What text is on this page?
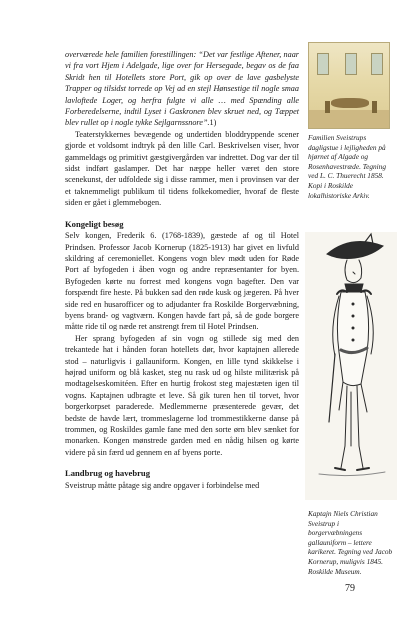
overværede hele familien forestillingen: “Det var festlige Aftener, naar vi fra vort Hjem i Adelgade, lige over for Hersegade, begav os de faa Skridt hen til Hotellets store Port, gik op over de lave gasbelyste Trapper og tilsidst torrede op Vej ad en stejl Hønsestige til nogle smaa lavloftede Loger, og herfra fulgte vi alle … med Spænding alle Forberedelserne, indtil Lyset i Gaskronen blev skruet ned, og Tæppet blev rullet op i nogle tykke Sejlgarnssnore”.1)

Teaterstykkernes bevægende og undertiden bloddryppende scener gjorde et voldsomt indtryk på den lille Carl. Beskrivelsen viser, hvor gammeldags og primitivt gæstgivergården var indrettet. Dog var der til sidst indført gaslamper. Det har næppe heller været den store scenekunst, der udfoldede sig i disse rammer, men i provinsen var der et taknemmeligt publikum til tidens folkekomedier, hvoraf de fleste siden er gået i glemmebogen.

Kongeligt besøg

Selv kongen, Frederik 6. (1768-1839), gæstede af og til Hotel Prindsen. Professor Jacob Kornerup (1825-1913) har givet en livfuld skildring af ceremoniellet. Kongens vogn blev mødt uden for Røde Port af byfogeden i åben vogn og andre repræsentanter for byen. Byfogeden kørte nu forrest med kongens vogn bagefter. Den var forspændt fire heste. På bukken sad den røde kusk og jægeren. På hver side red en husarofficer og to adjudanter fra Roskilde Borgervæbning, byens brand- og vagtværn. Kongen havde fart på, så de gode borgere måtte ride til og næde ret anstrengt frem til Hotel Prindsen.

Her sprang byfogeden af sin vogn og stillede sig med den trekantede hat i hånden foran hotellets dør, hvor kaptajnen allerede stod – naturligvis i gallauniform. Kongen, en lille tynd skikkelse i højrød uniform og blå kasket, steg nu rask ud og hilste militærisk på modtagelseskomitéen. Efter en hurtig frokost steg majestæten igen til vogns. Kaptajnen udbragte et leve. Så gik turen hen til torvet, hvor borgerkorpset paraderede. Medlemmerne præsenterede gevær, det bedste de havde lært, trommeslagerne lod trommestikkerne danse på trommen, og Roskildes gamle fane med den sorte ørn blev sænket for monarken. Kongen mønstrede garden med en nådig hilsen og kørte videre på sin færd ud gennem en af byens porte.

Landbrug og havebrug

Sveistrup måtte påtage sig andre opgaver i forbindelse med

Familien Sveistrups dagligstue i lejligheden på hjørnet af Algade og Rosenhavestræde. Tegning ved L. C. Thuerecht 1858. Kopi i Roskilde lokalhistoriske Arkiv.
Kaptajn Niels Christian Sveistrup i borgervæbningens gallauniform – lettere karikeret. Tegning ved Jacob Kornerup, muligvis 1845. Roskilde Museum.
79
